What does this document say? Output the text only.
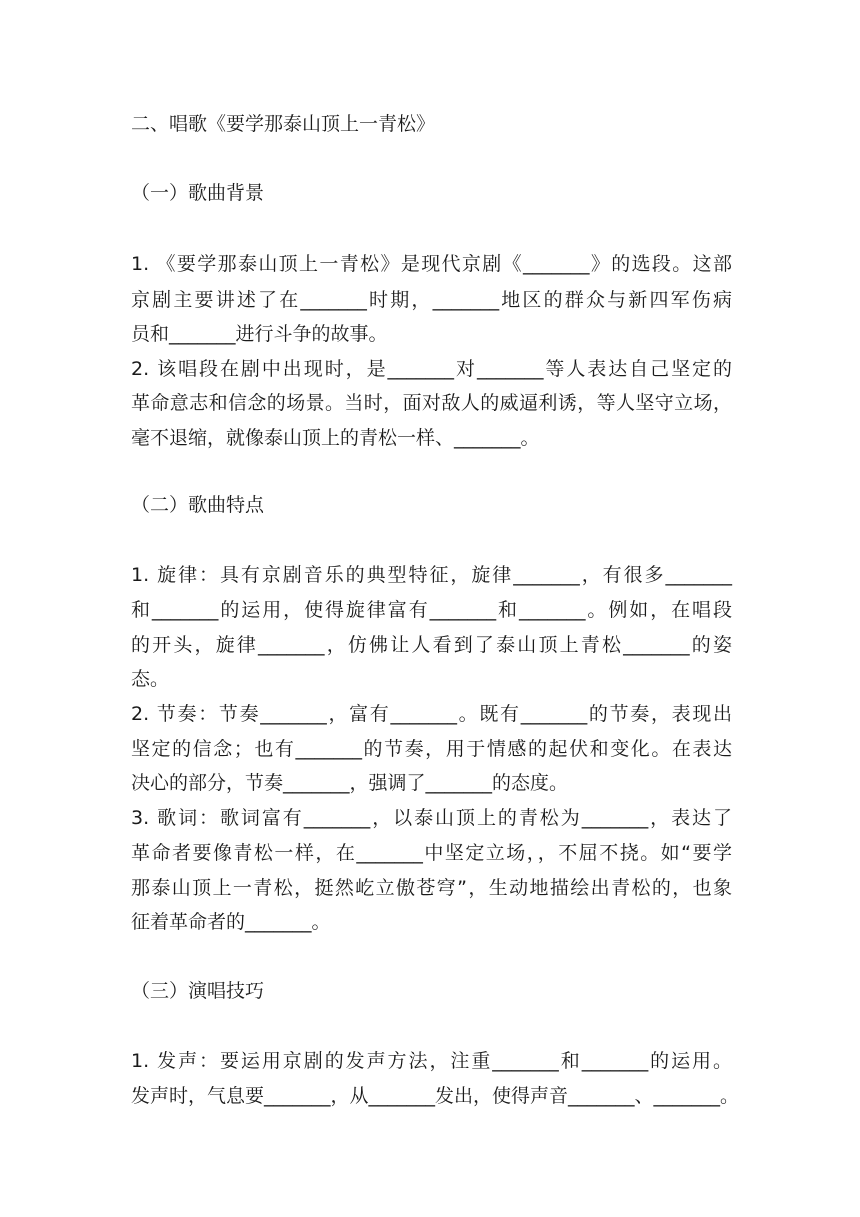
二、唱歌《要学那泰山顶上一青松》
（一）歌曲背景
1. 《要学那泰山顶上一青松》是现代京剧《_______》的选段。这部
京剧主要讲述了在_______时期，_______地区的群众与新四军伤病
员和_______进行斗争的故事。
2. 该唱段在剧中出现时，是_______对_______等人表达自己坚定的
革命意志和信念的场景。当时，面对敌人的威逼利诱，等人坚守立场，
毫不退缩，就像泰山顶上的青松一样、_______。
（二）歌曲特点
1. 旋律：具有京剧音乐的典型特征，旋律_______，有很多_______
和_______的运用，使得旋律富有_______和_______。例如，在唱段
的开头，旋律_______，仿佛让人看到了泰山顶上青松_______的姿
态。
2. 节奏：节奏_______，富有_______。既有_______的节奏，表现出
坚定的信念；也有_______的节奏，用于情感的起伏和变化。在表达
决心的部分，节奏_______，强调了_______的态度。
3. 歌词：歌词富有_______，以泰山顶上的青松为_______，表达了
革命者要像青松一样，在_______中坚定立场，，不屈不挠。如“要学
那泰山顶上一青松，挺然屹立傲苍穹”，生动地描绘出青松的，也象
征着革命者的_______。
（三）演唱技巧
1. 发声：要运用京剧的发声方法，注重_______和_______的运用。
发声时，气息要_______，从_______发出，使得声音_______、_______。
